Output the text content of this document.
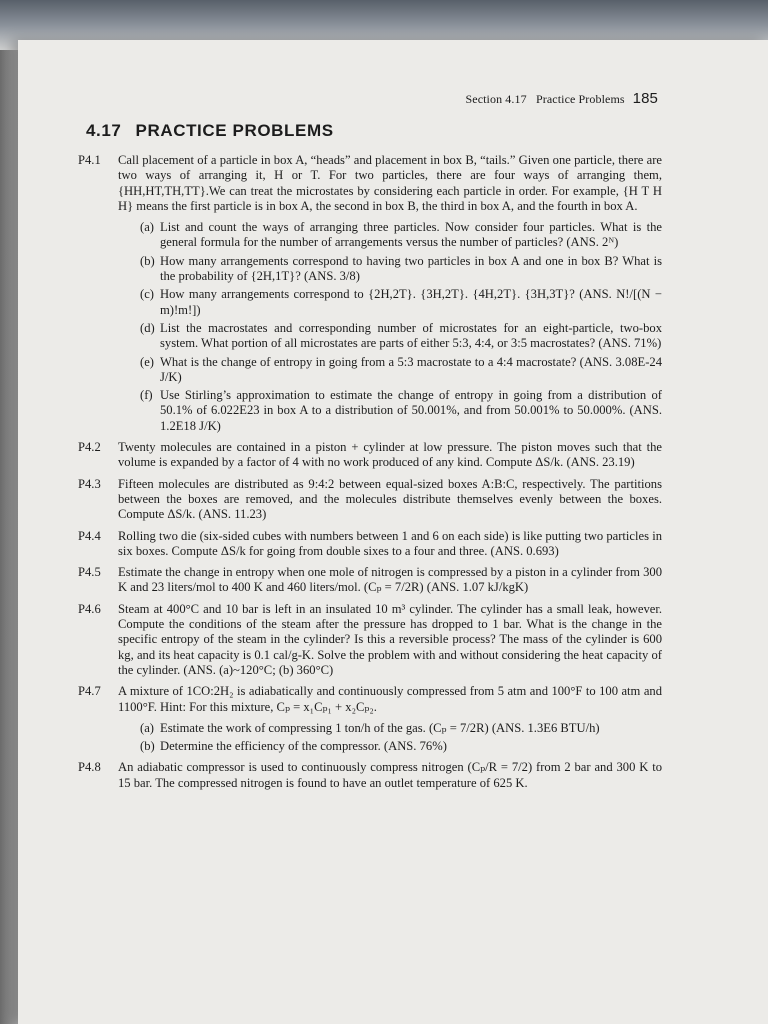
Section 4.17   Practice Problems 185
4.17 PRACTICE PROBLEMS
P4.1 Call placement of a particle in box A, “heads” and placement in box B, “tails.” Given one particle, there are two ways of arranging it, H or T. For two particles, there are four ways of arranging them, {HH,HT,TH,TT}.We can treat the microstates by considering each particle in order. For example, {H T H H} means the first particle is in box A, the second in box B, the third in box A, and the fourth in box A.
(a) List and count the ways of arranging three particles. Now consider four particles. What is the general formula for the number of arrangements versus the number of particles? (ANS. 2ᴺ)
(b) How many arrangements correspond to having two particles in box A and one in box B? What is the probability of {2H,1T}? (ANS. 3/8)
(c) How many arrangements correspond to {2H,2T}. {3H,2T}. {4H,2T}. {3H,3T}? (ANS. N!/[(N − m)!m!])
(d) List the macrostates and corresponding number of microstates for an eight-particle, two-box system. What portion of all microstates are parts of either 5:3, 4:4, or 3:5 macrostates? (ANS. 71%)
(e) What is the change of entropy in going from a 5:3 macrostate to a 4:4 macrostate? (ANS. 3.08E-24 J/K)
(f) Use Stirling’s approximation to estimate the change of entropy in going from a distribution of 50.1% of 6.022E23 in box A to a distribution of 50.001%, and from 50.001% to 50.000%. (ANS. 1.2E18 J/K)
P4.2 Twenty molecules are contained in a piston + cylinder at low pressure. The piston moves such that the volume is expanded by a factor of 4 with no work produced of any kind. Compute ΔS/k. (ANS. 23.19)
P4.3 Fifteen molecules are distributed as 9:4:2 between equal-sized boxes A:B:C, respectively. The partitions between the boxes are removed, and the molecules distribute themselves evenly between the boxes. Compute ΔS/k. (ANS. 11.23)
P4.4 Rolling two die (six-sided cubes with numbers between 1 and 6 on each side) is like putting two particles in six boxes. Compute ΔS/k for going from double sixes to a four and three. (ANS. 0.693)
P4.5 Estimate the change in entropy when one mole of nitrogen is compressed by a piston in a cylinder from 300 K and 23 liters/mol to 400 K and 460 liters/mol. (Cₚ = 7/2R) (ANS. 1.07 kJ/kgK)
P4.6 Steam at 400°C and 10 bar is left in an insulated 10 m³ cylinder. The cylinder has a small leak, however. Compute the conditions of the steam after the pressure has dropped to 1 bar. What is the change in the specific entropy of the steam in the cylinder? Is this a reversible process? The mass of the cylinder is 600 kg, and its heat capacity is 0.1 cal/g-K. Solve the problem with and without considering the heat capacity of the cylinder. (ANS. (a)~120°C; (b) 360°C)
P4.7 A mixture of 1CO:2H₂ is adiabatically and continuously compressed from 5 atm and 100°F to 100 atm and 1100°F. Hint: For this mixture, Cₚ = x₁Cₚ₁ + x₂Cₚ₂.
(a) Estimate the work of compressing 1 ton/h of the gas. (Cₚ = 7/2R) (ANS. 1.3E6 BTU/h)
(b) Determine the efficiency of the compressor. (ANS. 76%)
P4.8 An adiabatic compressor is used to continuously compress nitrogen (Cₚ/R = 7/2) from 2 bar and 300 K to 15 bar. The compressed nitrogen is found to have an outlet temperature of 625 K.
